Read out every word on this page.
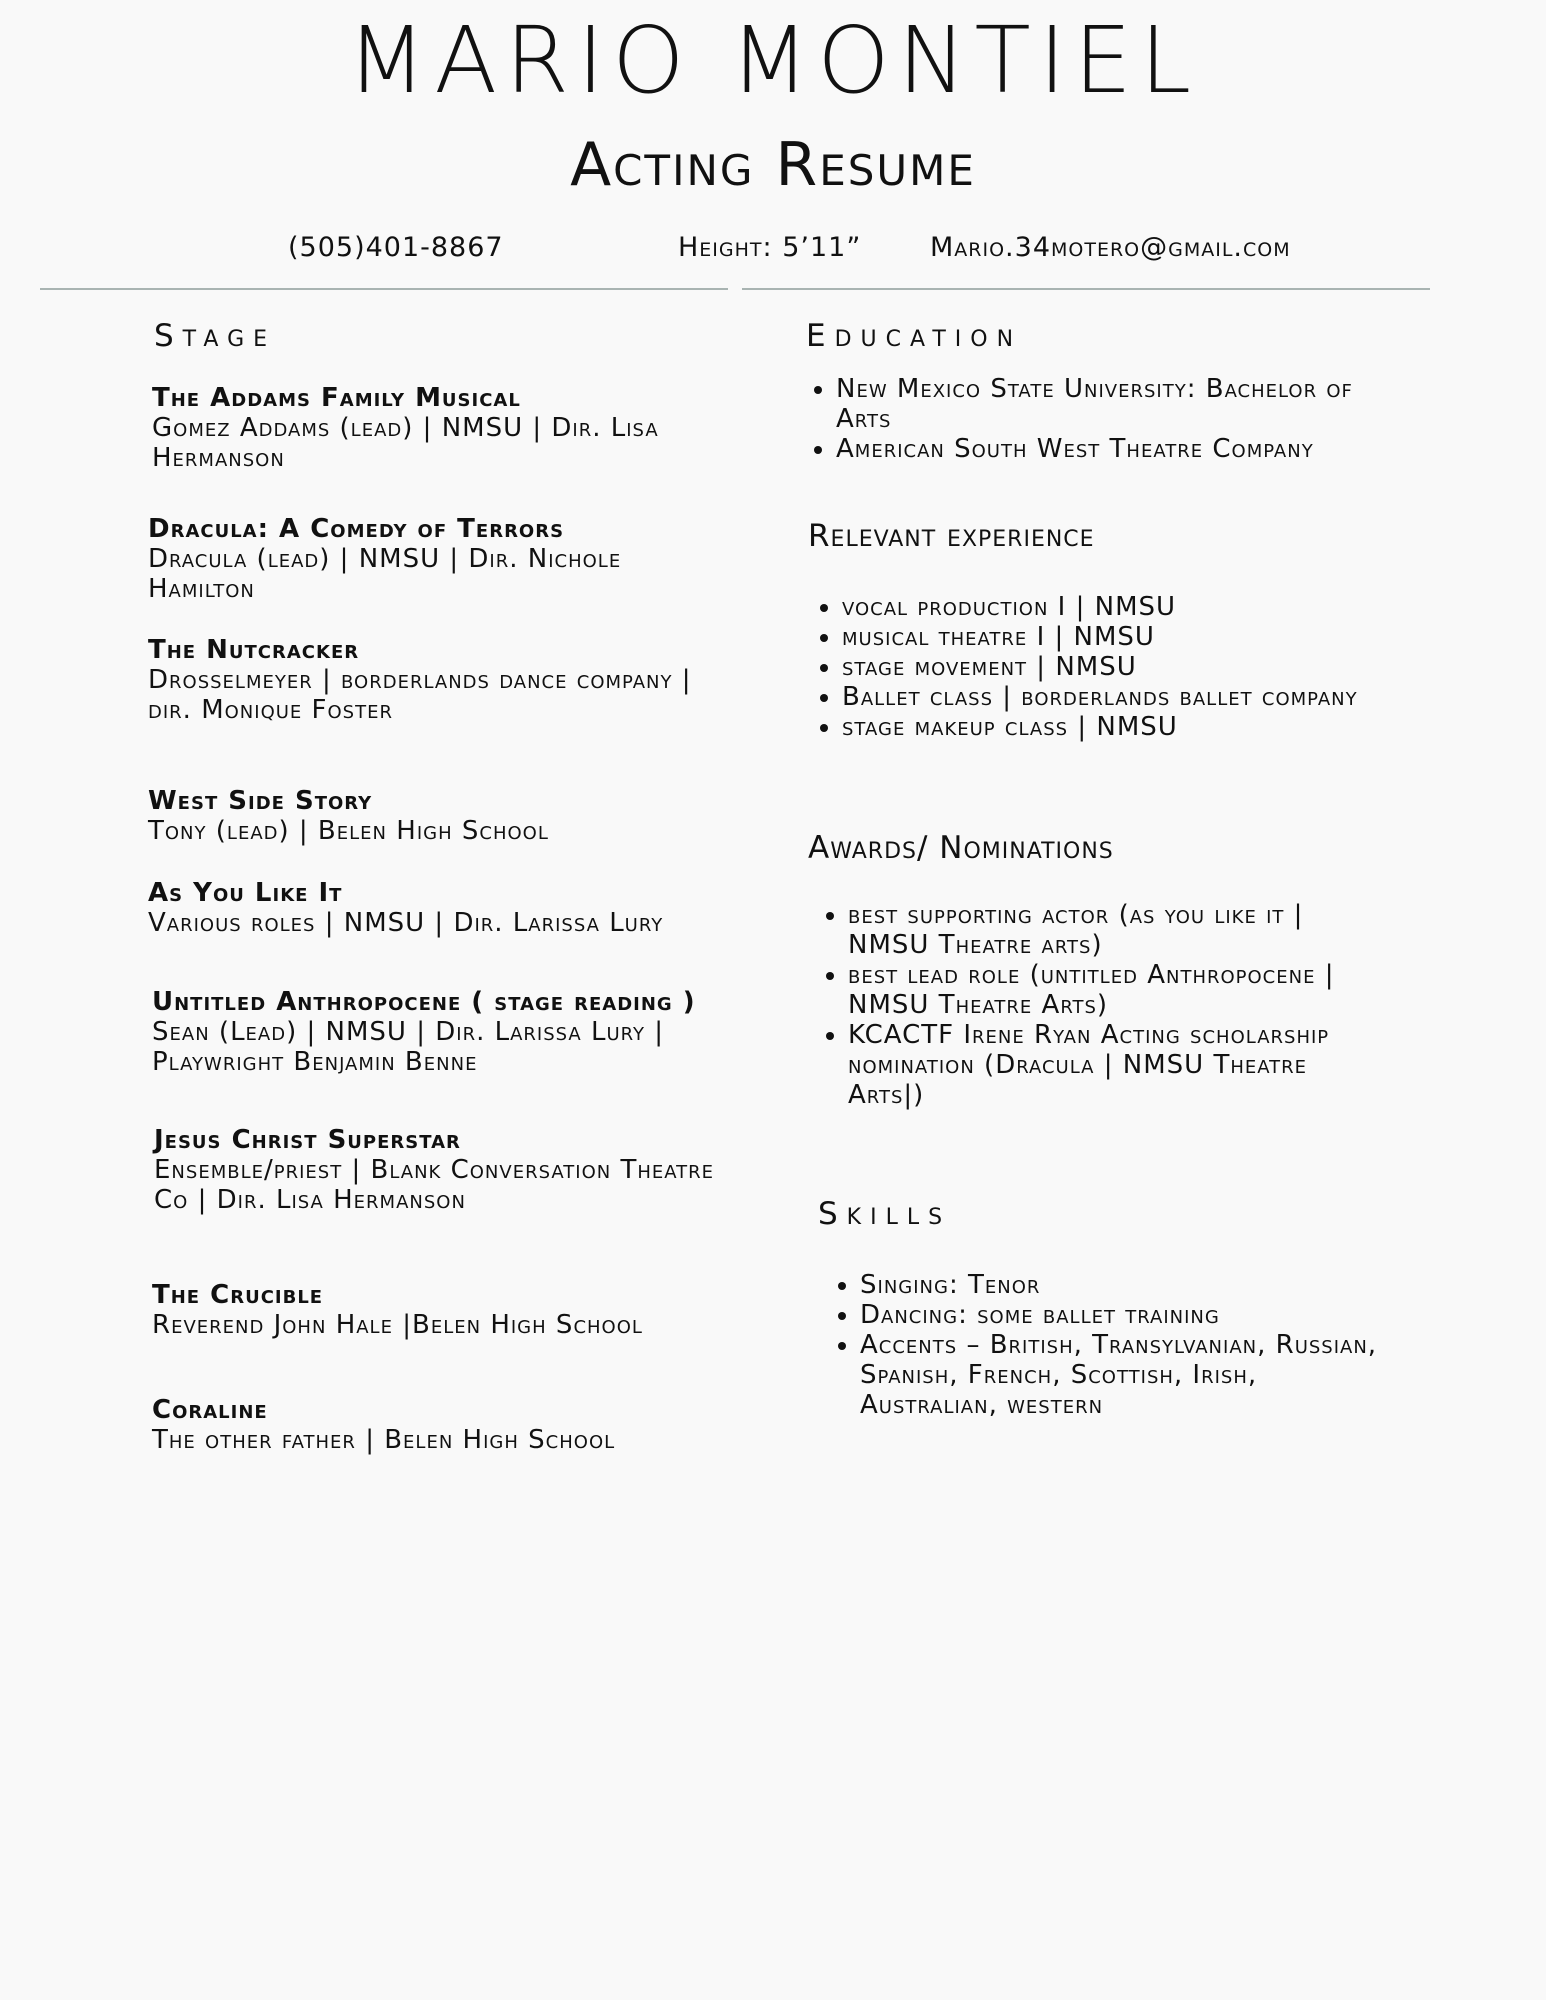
MARIO MONTIEL
Acting Resume
(505)401-8867	Height: 5’11”	Mario.34motero@gmail.com
Stage
The Addams Family Musical
Gomez Addams (lead) | NMSU | Dir. Lisa Hermanson
Dracula: A Comedy of Terrors
Dracula (lead) | NMSU | Dir. Nichole Hamilton
The Nutcracker
Drosselmeyer | borderlands dance company | dir. Monique Foster
West Side Story
Tony (lead) | Belen High School
As You Like It
Various roles | NMSU | Dir. Larissa Lury
Untitled Anthropocene ( stage reading )
Sean (Lead) | NMSU | Dir. Larissa Lury | Playwright Benjamin Benne
Jesus Christ Superstar
Ensemble/priest | Blank Conversation Theatre Co | Dir. Lisa Hermanson
The Crucible
Reverend John Hale |Belen High School
Coraline
The other father | Belen High School
Education
• New Mexico State University: Bachelor of Arts
• American South West Theatre Company
Relevant experience
• vocal production I | NMSU
• musical theatre I | NMSU
• stage movement | NMSU
• Ballet class | borderlands ballet company
• stage makeup class | NMSU
Awards/ Nominations
• best supporting actor (as you like it | NMSU Theatre arts)
• best lead role (untitled Anthropocene | NMSU Theatre Arts)
• KCACTF Irene Ryan Acting scholarship nomination (Dracula | NMSU Theatre Arts|)
Skills
• Singing: Tenor
• Dancing: some ballet training
• Accents – British, Transylvanian, Russian, Spanish, French, Scottish, Irish, Australian, western
